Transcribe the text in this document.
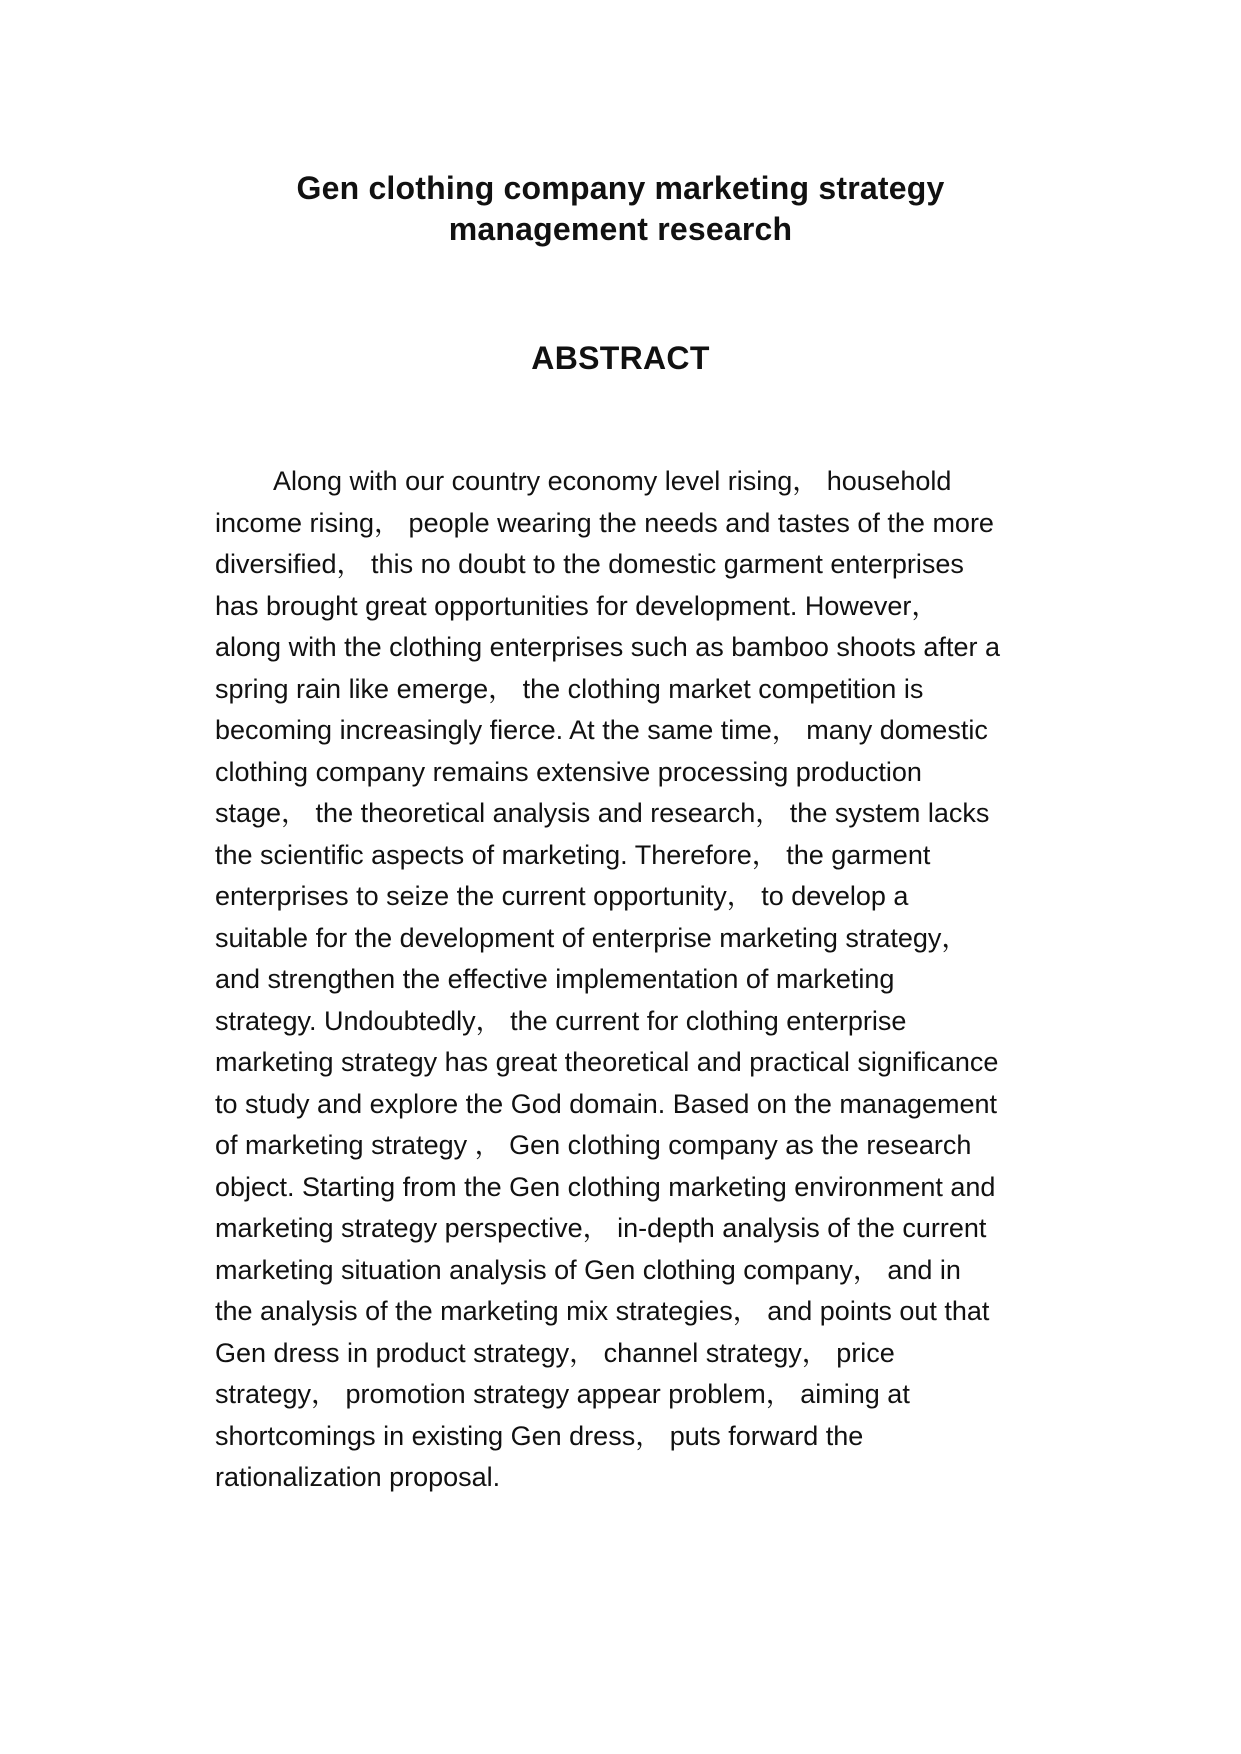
Gen clothing company marketing strategy
management research
ABSTRACT
Along with our country economy level rising， household
income rising， people wearing the needs and tastes of the more
diversified， this no doubt to the domestic garment enterprises
has brought great opportunities for development. However，
along with the clothing enterprises such as bamboo shoots after a
spring rain like emerge， the clothing market competition is
becoming increasingly fierce. At the same time， many domestic
clothing company remains extensive processing production
stage， the theoretical analysis and research， the system lacks
the scientific aspects of marketing. Therefore， the garment
enterprises to seize the current opportunity， to develop a
suitable for the development of enterprise marketing strategy，
and strengthen the effective implementation of marketing
strategy. Undoubtedly， the current for clothing enterprise
marketing strategy has great theoretical and practical significance
to study and explore the God domain. Based on the management
of marketing strategy ， Gen clothing company as the research
object. Starting from the Gen clothing marketing environment and
marketing strategy perspective， in-depth analysis of the current
marketing situation analysis of Gen clothing company， and in
the analysis of the marketing mix strategies， and points out that
Gen dress in product strategy， channel strategy， price
strategy， promotion strategy appear problem， aiming at
shortcomings in existing Gen dress， puts forward the
rationalization proposal.
